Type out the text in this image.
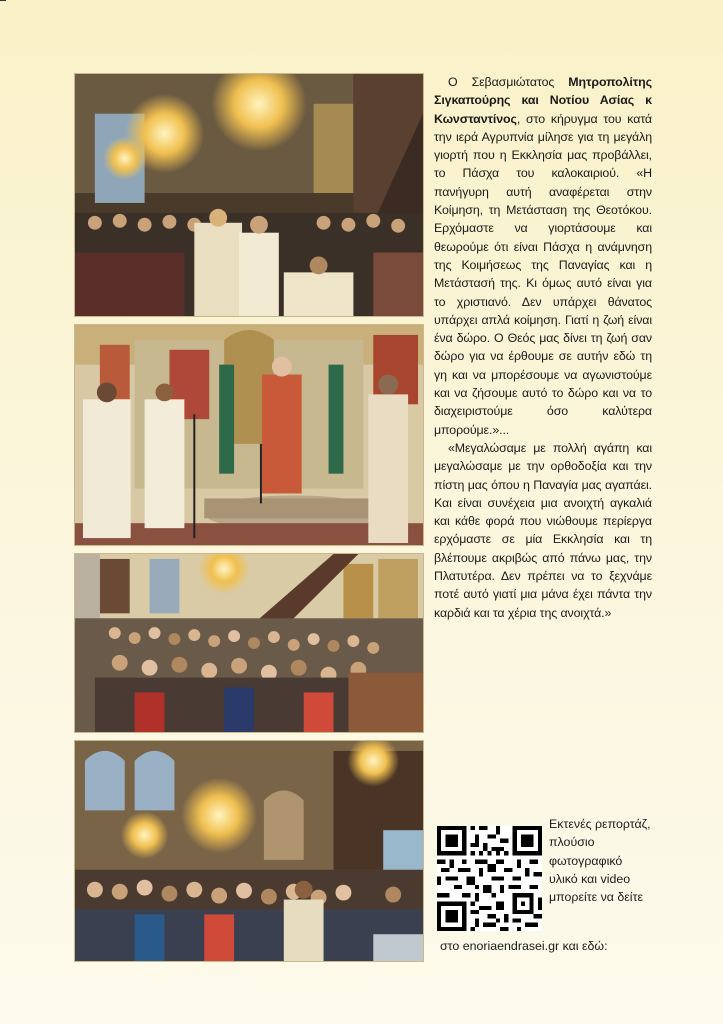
Ο Σεβασμιώτατος Μητροπολίτης Σιγκαπούρης και Νοτίου Ασίας κ Κωνσταντίνος, στο κήρυγμα του κατά την ιερά Αγρυπνία μίλησε για τη μεγάλη γιορτή που η Εκκλησία μας προβάλλει, το Πάσχα του καλοκαιριού. «Η πανήγυρη αυτή αναφέρεται στην Κοίμηση, τη Μετάσταση της Θεοτόκου. Ερχόμαστε να γιορτάσουμε και θεωρούμε ότι είναι Πάσχα η ανάμνηση της Κοιμήσεως της Παναγίας και η Μετάστασή της. Κι όμως αυτό είναι για το χριστιανό. Δεν υπάρχει θάνατος υπάρχει απλά κοίμηση. Γιατί η ζωή είναι ένα δώρο. Ο Θεός μας δίνει τη ζωή σαν δώρο για να έρθουμε σε αυτήν εδώ τη γη και να μπορέσουμε να αγωνιστούμε και να ζήσουμε αυτό το δώρο και να το διαχειριστούμε όσο καλύτερα μπορούμε.»...

«Μεγαλώσαμε με πολλή αγάπη και μεγαλώσαμε με την ορθοδοξία και την πίστη μας όπου η Παναγία μας αγαπάει. Και είναι συνέχεια μια ανοιχτή αγκαλιά και κάθε φορά που νιώθουμε περίεργα ερχόμαστε σε μία Εκκλησία και τη βλέπουμε ακριβώς από πάνω μας, την Πλατυτέρα. Δεν πρέπει να το ξεχνάμε ποτέ αυτό γιατί μια μάνα έχει πάντα την καρδιά και τα χέρια της ανοιχτά.»

Εκτενές ρεπορτάζ, πλούσιο φωτογραφικό υλικό και video μπορείτε να δείτε
στο enoriaendrasei.gr και εδώ:
